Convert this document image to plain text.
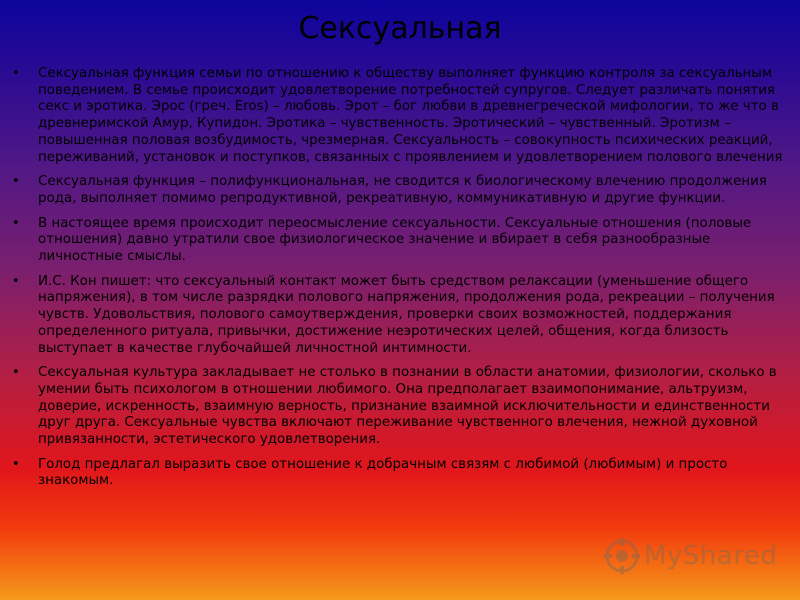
Сексуальная
•	Сексуальная функция семьи по отношению к обществу выполняет функцию контроля за сексуальным поведением. В семье происходит удовлетворение потребностей супругов. Следует различать понятия секс и эротика. Эрос (греч. Eros) – любовь. Эрот – бог любви в древнегреческой мифологии, то же что в древнеримской Амур, Купидон. Эротика – чувственность. Эротический – чувственный. Эротизм – повышенная половая возбудимость, чрезмерная. Сексуальность – совокупность психических реакций, переживаний, установок и поступков, связанных с проявлением и удовлетворением полового влечения
•	Сексуальная функция – полифункциональная, не сводится к биологическому влечению продолжения рода, выполняет помимо репродуктивной, рекреативную, коммуникативную и другие функции.
•	В настоящее время происходит переосмысление сексуальности. Сексуальные отношения (половые отношения) давно утратили свое физиологическое значение и вбирает в себя разнообразные личностные смыслы.
•	И.С. Кон пишет: что сексуальный контакт может быть средством релаксации (уменьшение общего напряжения), в том числе разрядки полового напряжения, продолжения рода, рекреации – получения чувств. Удовольствия, полового самоутверждения, проверки своих возможностей, поддержания определенного ритуала, привычки, достижение неэротических целей, общения, когда близость выступает в качестве глубочайшей личностной интимности.
•	Сексуальная культура закладывает не столько в познании в области анатомии, физиологии, сколько в умении быть психологом в отношении любимого. Она предполагает взаимопонимание, альтруизм, доверие, искренность, взаимную верность, признание взаимной исключительности и единственности друг друга. Сексуальные чувства включают переживание чувственного влечения, нежной духовной привязанности, эстетического удовлетворения.
•	Голод предлагал выразить свое отношение к добрачным связям с любимой (любимым) и просто знакомым.
MyShared
